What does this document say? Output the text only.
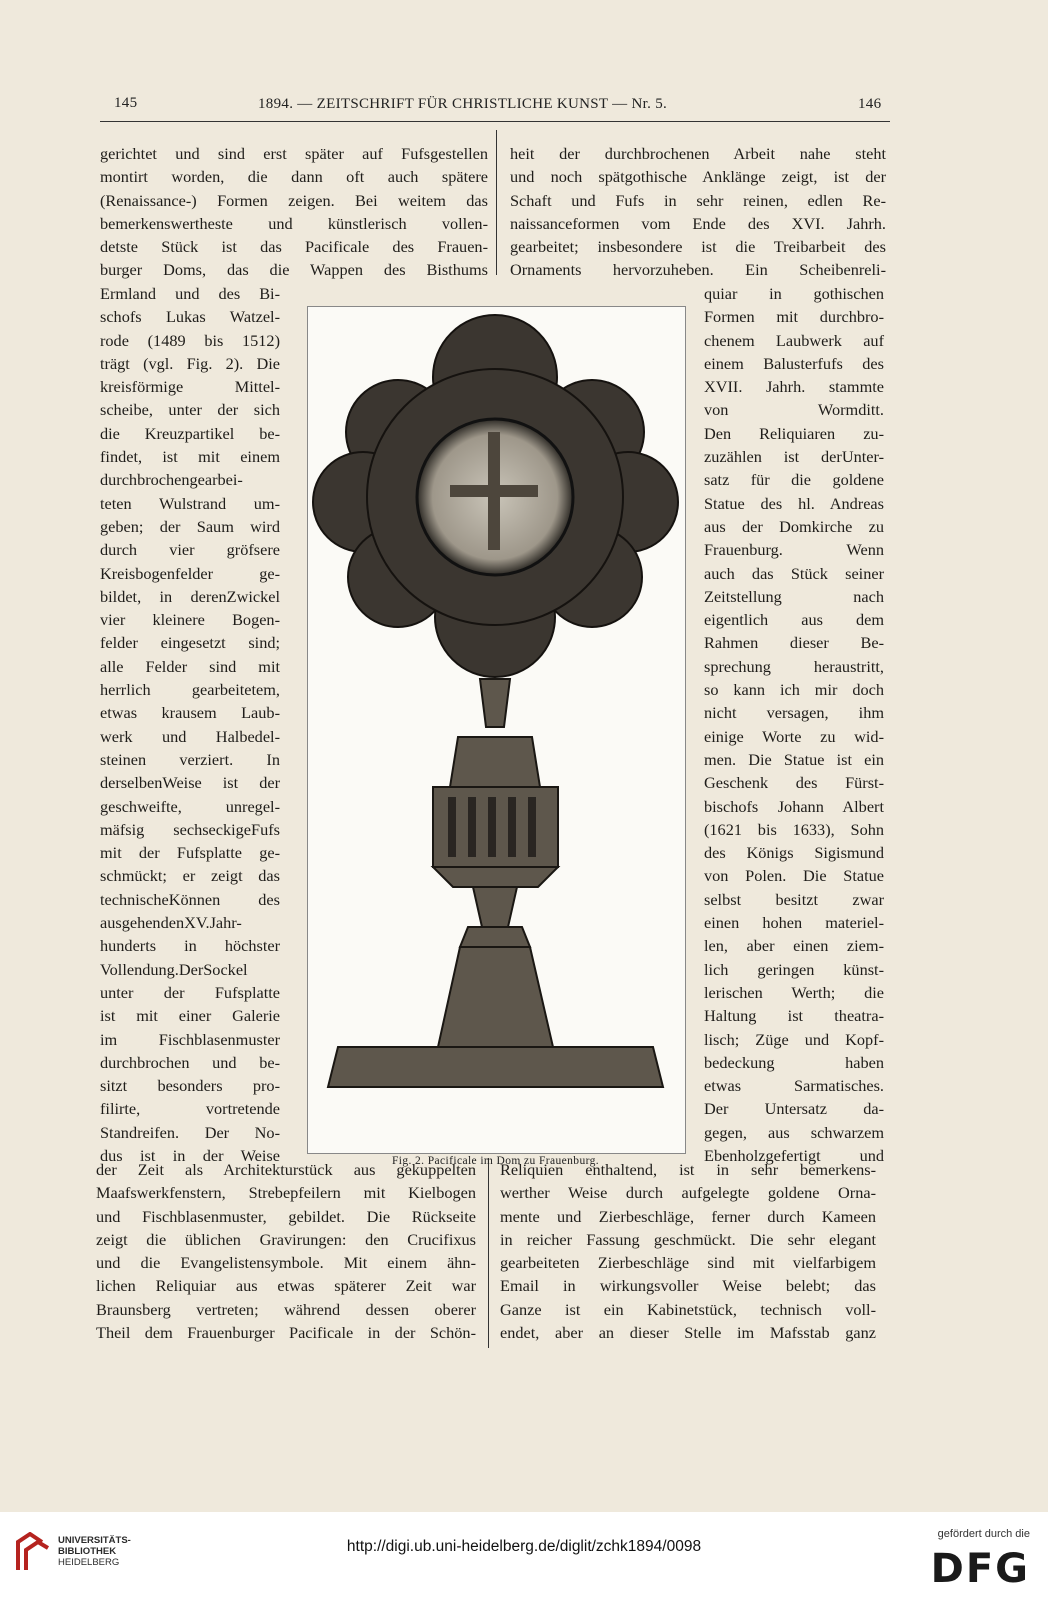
145	1894. — ZEITSCHRIFT FÜR CHRISTLICHE KUNST — Nr. 5.	146
gerichtet und sind erst später auf Fufsgestellen
montirt worden, die dann oft auch spätere
(Renaissance-) Formen zeigen. Bei weitem das
bemerkenswertheste und künstlerisch vollen-
detste Stück ist das Pacificale des Frauen-
burger Doms, das die Wappen des Bisthums
Ermland und des Bi-
schofs Lukas Watzel-
rode (1489 bis 1512)
trägt (vgl. Fig. 2). Die
kreisförmige Mittel-
scheibe, unter der sich
die Kreuzpartikel be-
findet, ist mit einem
durchbrochengearbei-
teten Wulstrand um-
geben; der Saum wird
durch vier gröfsere
Kreisbogenfelder ge-
bildet, in derenZwickel
vier kleinere Bogen-
felder eingesetzt sind;
alle Felder sind mit
herrlich gearbeitetem,
etwas krausem Laub-
werk und Halbedel-
steinen verziert. In
derselbenWeise ist der
geschweifte, unregel-
mäfsig sechseckigeFufs
mit der Fufsplatte ge-
schmückt; er zeigt das
technischeKönnen des
ausgehendenXV.Jahr-
hunderts in höchster
Vollendung.DerSockel
unter der Fufsplatte
ist mit einer Galerie
im Fischblasenmuster
durchbrochen und be-
sitzt besonders pro-
filirte, vortretende
Standreifen. Der No-
dus ist in der Weise
der Zeit als Architekturstück aus gekuppelten
Maafswerkfenstern, Strebepfeilern mit Kielbogen
und Fischblasenmuster, gebildet. Die Rückseite
zeigt die üblichen Gravirungen: den Crucifixus
und die Evangelistensymbole. Mit einem ähn-
lichen Reliquiar aus etwas späterer Zeit war
Braunsberg vertreten; während dessen oberer
Theil dem Frauenburger Pacificale in der Schön-
heit der durchbrochenen Arbeit nahe steht
und noch spätgothische Anklänge zeigt, ist der
Schaft und Fufs in sehr reinen, edlen Re-
naissanceformen vom Ende des XVI. Jahrh.
gearbeitet; insbesondere ist die Treibarbeit des
Ornaments hervorzuheben. Ein Scheibenreli-
quiar in gothischen
Formen mit durchbro-
chenem Laubwerk auf
einem Balusterfufs des
XVII. Jahrh. stammte
von Wormditt.
Den Reliquiaren zu-
zuzählen ist derUnter-
satz für die goldene
Statue des hl. Andreas
aus der Domkirche zu
Frauenburg. Wenn
auch das Stück seiner
Zeitstellung nach
eigentlich aus dem
Rahmen dieser Be-
sprechung heraustritt,
so kann ich mir doch
nicht versagen, ihm
einige Worte zu wid-
men. Die Statue ist ein
Geschenk des Fürst-
bischofs Johann Albert
(1621 bis 1633), Sohn
des Königs Sigismund
von Polen. Die Statue
selbst besitzt zwar
einen hohen materiel-
len, aber einen ziem-
lich geringen künst-
lerischen Werth; die
Haltung ist theatra-
lisch; Züge und Kopf-
bedeckung haben
etwas Sarmatisches.
Der Untersatz da-
gegen, aus schwarzem
Ebenholzgefertigt und
Reliquien enthaltend, ist in sehr bemerkens-
werther Weise durch aufgelegte goldene Orna-
mente und Zierbeschläge, ferner durch Kameen
in reicher Fassung geschmückt. Die sehr elegant
gearbeiteten Zierbeschläge sind mit vielfarbigem
Email in wirkungsvoller Weise belebt; das
Ganze ist ein Kabinetstück, technisch voll-
endet, aber an dieser Stelle im Mafsstab ganz
Fig. 2. Pacificale im Dom zu Frauenburg.
UNIVERSITÄTS-
BIBLIOTHEK
HEIDELBERG
http://digi.ub.uni-heidelberg.de/diglit/zchk1894/0098
gefördert durch die
DFG
